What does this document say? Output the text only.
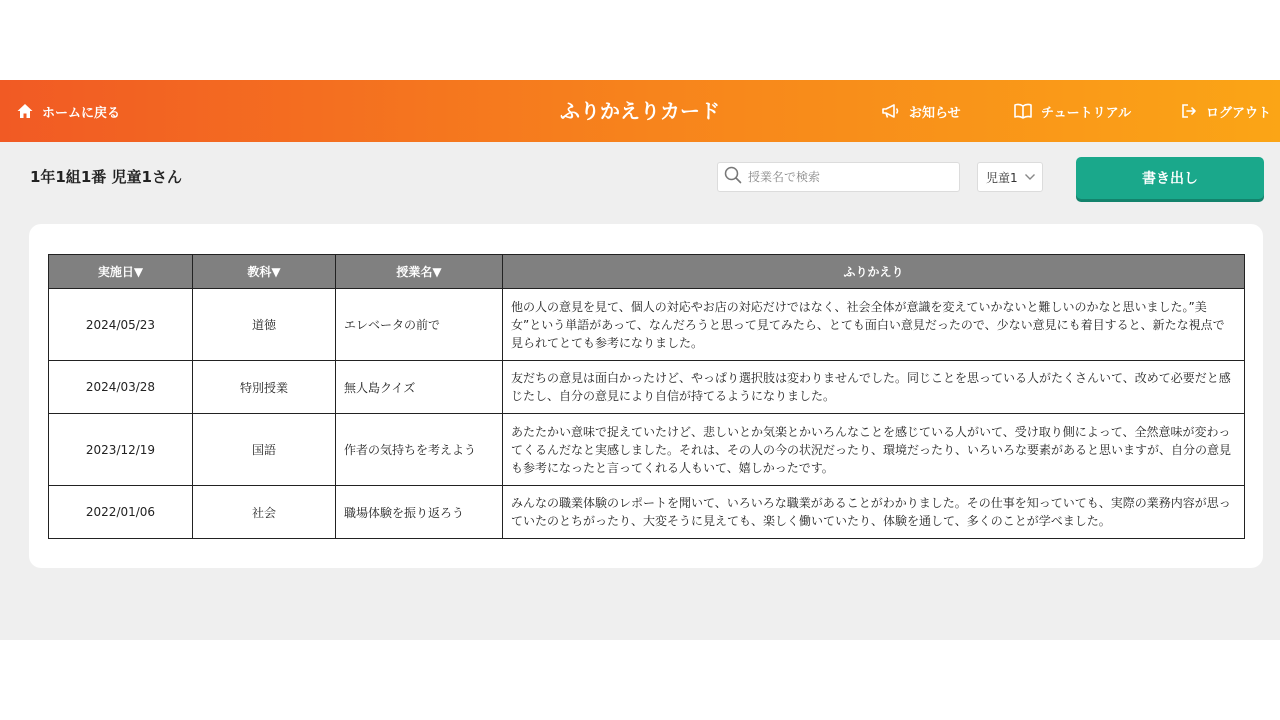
ホームに戻る	ふりかえりカード	お知らせ	チュートリアル	ログアウト
1年1組1番 児童1さん
授業名で検索	児童1	書き出し
実施日▼	教科▼	授業名▼	ふりかえり
2024/05/23	道徳	エレベータの前で	他の人の意見を見て、個人の対応やお店の対応だけではなく、社会全体が意識を変えていかないと難しいのかなと思いました。”美女”という単語があって、なんだろうと思って見てみたら、とても面白い意見だったので、少ない意見にも着目すると、新たな視点で見られてとても参考になりました。
2024/03/28	特別授業	無人島クイズ	友だちの意見は面白かったけど、やっぱり選択肢は変わりませんでした。同じことを思っている人がたくさんいて、改めて必要だと感じたし、自分の意見により自信が持てるようになりました。
2023/12/19	国語	作者の気持ちを考えよう	あたたかい意味で捉えていたけど、悲しいとか気楽とかいろんなことを感じている人がいて、受け取り側によって、全然意味が変わってくるんだなと実感しました。それは、その人の今の状況だったり、環境だったり、いろいろな要素があると思いますが、自分の意見も参考になったと言ってくれる人もいて、嬉しかったです。
2022/01/06	社会	職場体験を振り返ろう	みんなの職業体験のレポートを聞いて、いろいろな職業があることがわかりました。その仕事を知っていても、実際の業務内容が思っていたのとちがったり、大変そうに見えても、楽しく働いていたり、体験を通して、多くのことが学べました。
